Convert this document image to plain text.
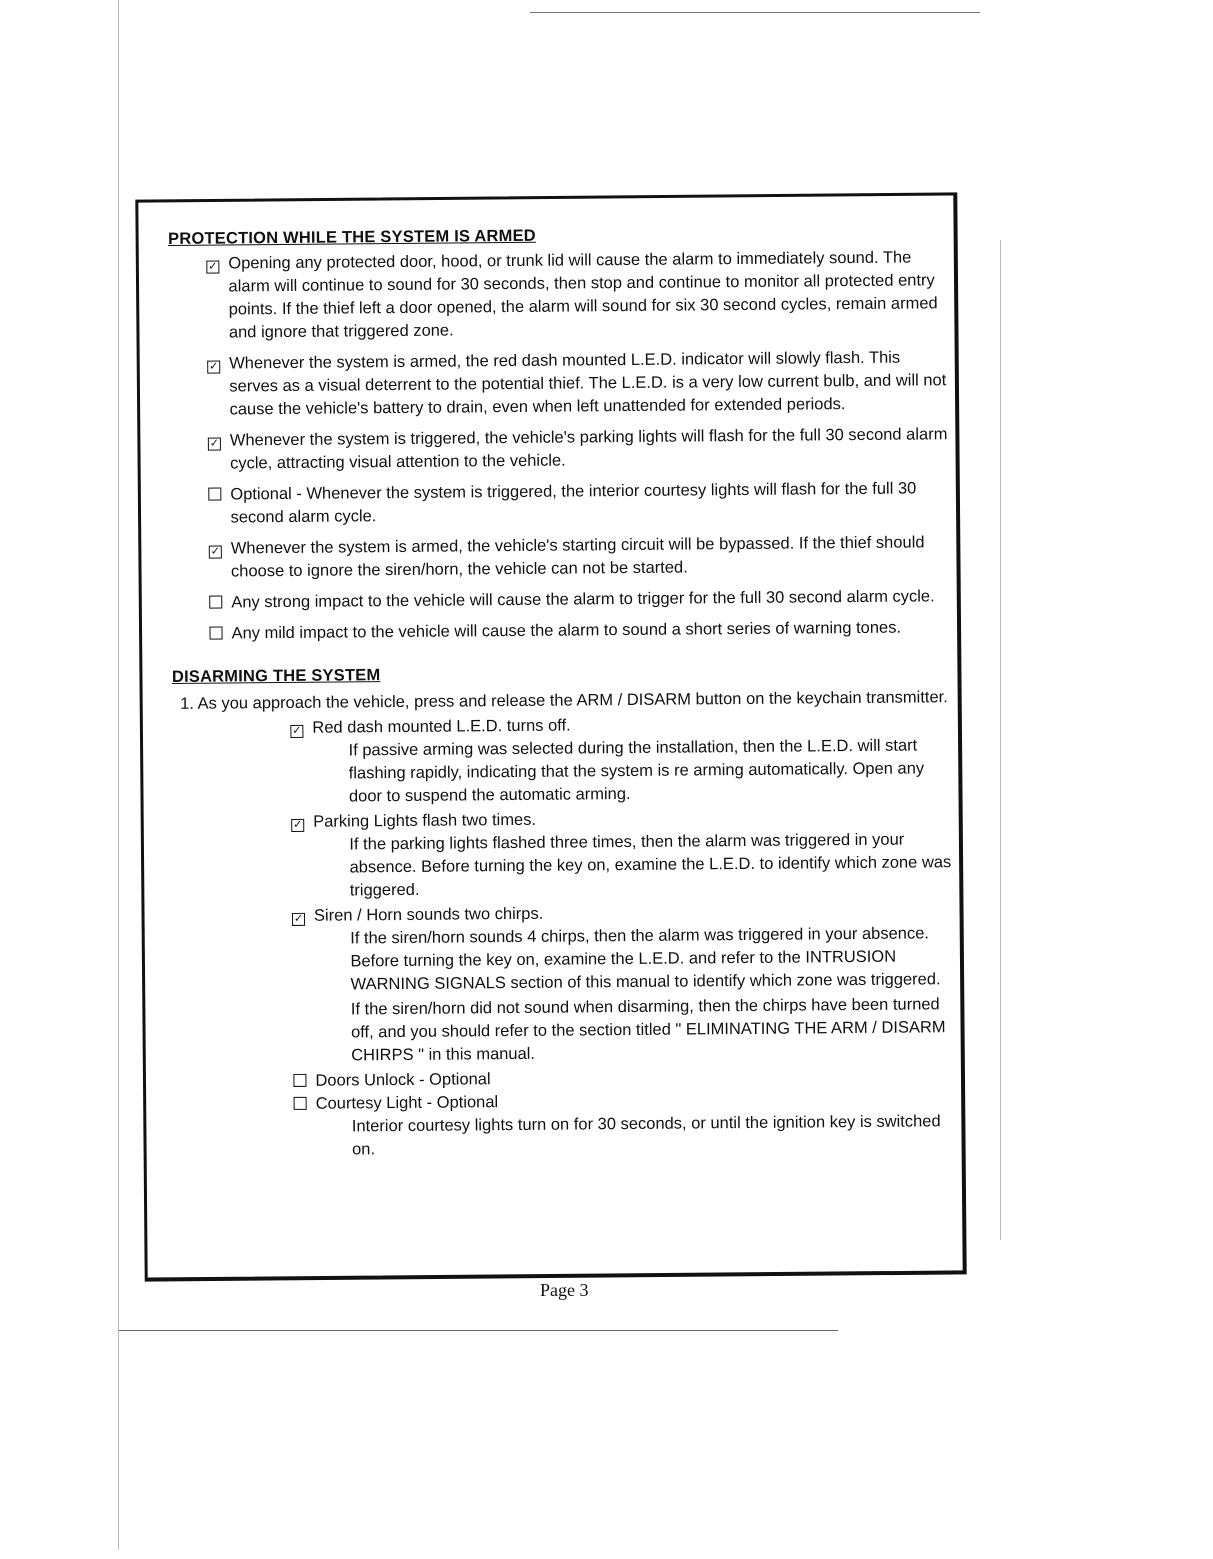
PROTECTION WHILE THE SYSTEM IS ARMED
✓ Opening any protected door, hood, or trunk lid will cause the alarm to immediately sound. The alarm will continue to sound for 30 seconds, then stop and continue to monitor all protected entry points. If the thief left a door opened, the alarm will sound for six 30 second cycles, remain armed and ignore that triggered zone.
✓ Whenever the system is armed, the red dash mounted L.E.D. indicator will slowly flash. This serves as a visual deterrent to the potential thief. The L.E.D. is a very low current bulb, and will not cause the vehicle's battery to drain, even when left unattended for extended periods.
✓ Whenever the system is triggered, the vehicle's parking lights will flash for the full 30 second alarm cycle, attracting visual attention to the vehicle.
Optional - Whenever the system is triggered, the interior courtesy lights will flash for the full 30 second alarm cycle.
✓ Whenever the system is armed, the vehicle's starting circuit will be bypassed. If the thief should choose to ignore the siren/horn, the vehicle can not be started.
Any strong impact to the vehicle will cause the alarm to trigger for the full 30 second alarm cycle.
Any mild impact to the vehicle will cause the alarm to sound a short series of warning tones.
DISARMING THE SYSTEM
1. As you approach the vehicle, press and release the ARM / DISARM button on the keychain transmitter.
✓ Red dash mounted L.E.D. turns off.
If passive arming was selected during the installation, then the L.E.D. will start flashing rapidly, indicating that the system is re arming automatically. Open any door to suspend the automatic arming.
✓ Parking Lights flash two times.
If the parking lights flashed three times, then the alarm was triggered in your absence. Before turning the key on, examine the L.E.D. to identify which zone was triggered.
✓ Siren / Horn sounds two chirps.
If the siren/horn sounds 4 chirps, then the alarm was triggered in your absence. Before turning the key on, examine the L.E.D. and refer to the INTRUSION WARNING SIGNALS section of this manual to identify which zone was triggered.
If the siren/horn did not sound when disarming, then the chirps have been turned off, and you should refer to the section titled " ELIMINATING THE ARM / DISARM CHIRPS " in this manual.
Doors Unlock - Optional
Courtesy Light - Optional
Interior courtesy lights turn on for 30 seconds, or until the ignition key is switched on.
Page 3
